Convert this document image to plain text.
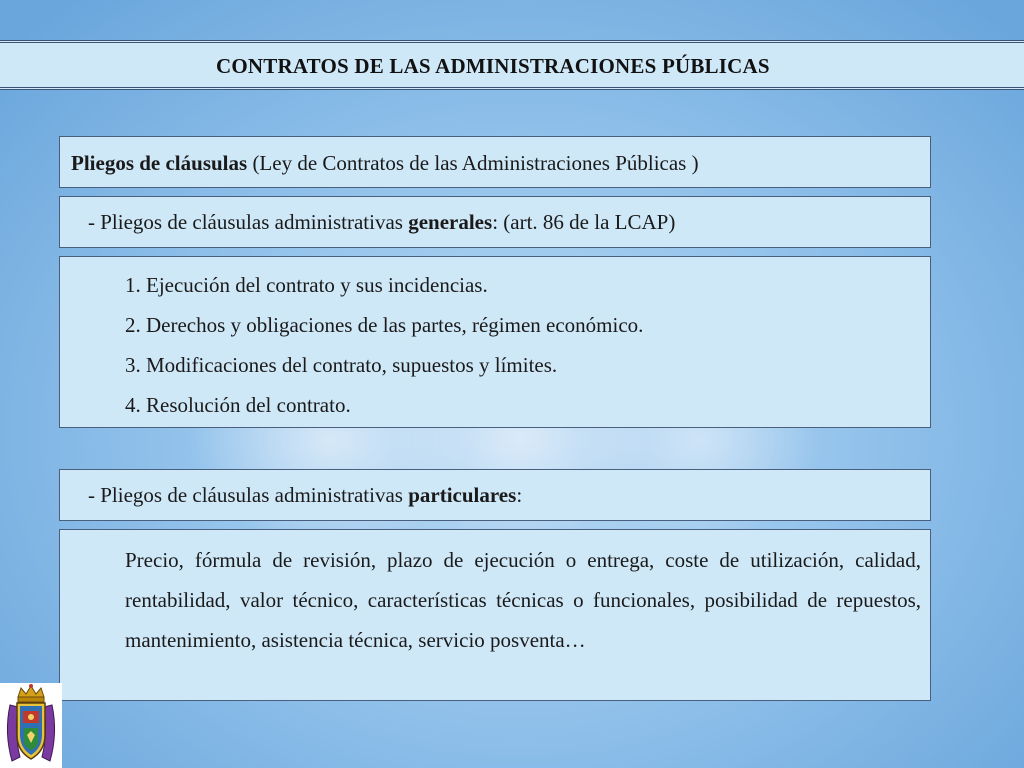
CONTRATOS DE LAS ADMINISTRACIONES PÚBLICAS
Pliegos de cláusulas (Ley de Contratos de las Administraciones Públicas )
- Pliegos de cláusulas administrativas generales: (art. 86 de la LCAP)
1. Ejecución del contrato y sus incidencias.
2. Derechos y obligaciones de las partes, régimen económico.
3. Modificaciones del contrato, supuestos y límites.
4. Resolución del contrato.
- Pliegos de cláusulas administrativas particulares:

Precio, fórmula de revisión, plazo de ejecución o entrega, coste de utilización, calidad, rentabilidad, valor técnico, características técnicas o funcionales, posibilidad de repuestos, mantenimiento, asistencia técnica, servicio posventa…
